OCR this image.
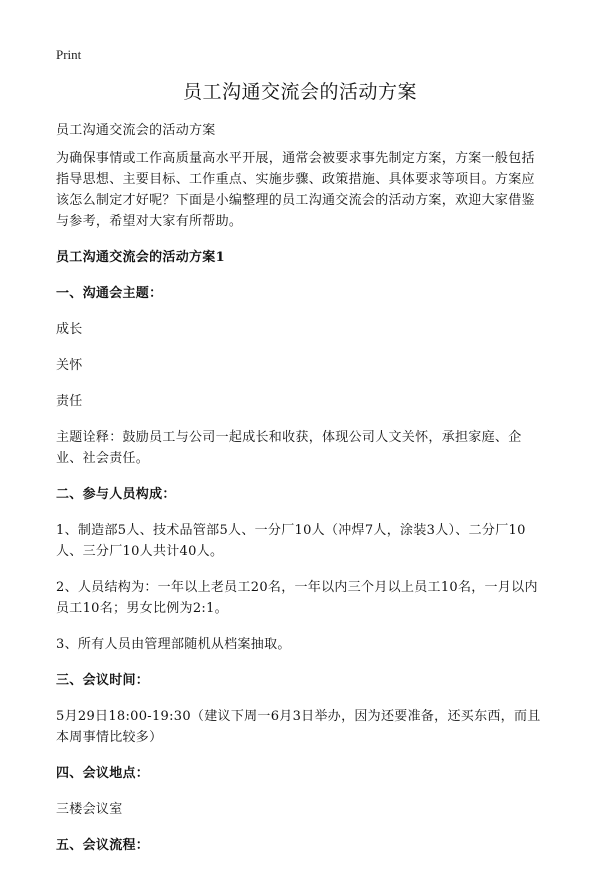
Print
员工沟通交流会的活动方案

员工沟通交流会的活动方案

为确保事情或工作高质量高水平开展，通常会被要求事先制定方案，方案一般包括指导思想、主要目标、工作重点、实施步骤、政策措施、具体要求等项目。方案应该怎么制定才好呢？下面是小编整理的员工沟通交流会的活动方案，欢迎大家借鉴与参考，希望对大家有所帮助。

员工沟通交流会的活动方案1

一、沟通会主题：

成长

关怀

责任

主题诠释：鼓励员工与公司一起成长和收获，体现公司人文关怀，承担家庭、企业、社会责任。

二、参与人员构成：

1、制造部5人、技术品管部5人、一分厂10人（冲焊7人，涂装3人）、二分厂10人、三分厂10人共计40人。

2、人员结构为：一年以上老员工20名，一年以内三个月以上员工10名，一月以内员工10名；男女比例为2:1。

3、所有人员由管理部随机从档案抽取。

三、会议时间：

5月29日18:00-19:30（建议下周一6月3日举办，因为还要准备，还买东西，而且本周事情比较多）

四、会议地点：

三楼会议室

五、会议流程：
